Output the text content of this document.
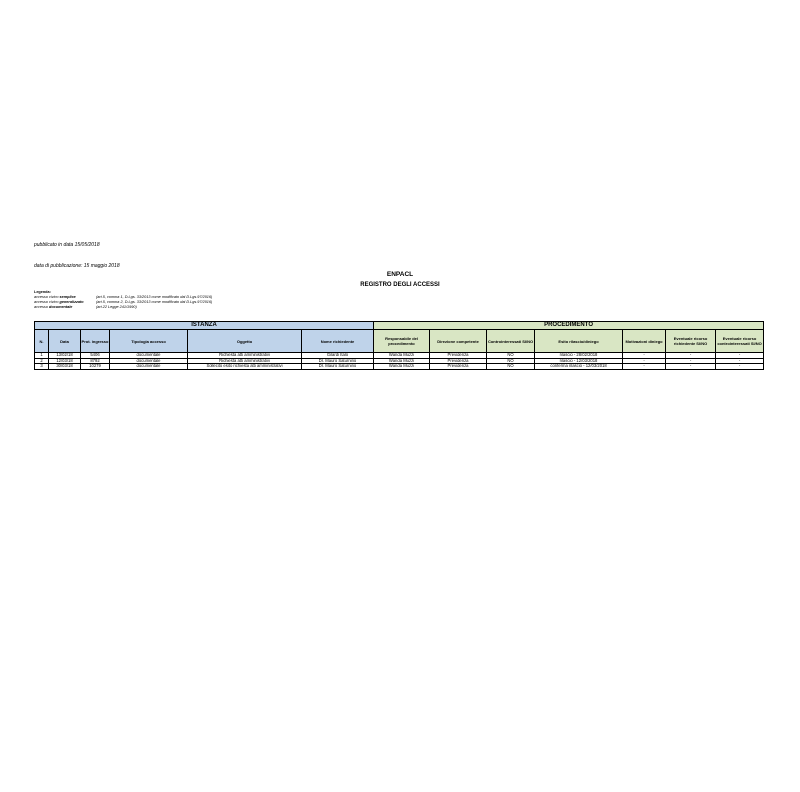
pubblicato in data 15/05/2018
data di pubblicazione: 15 maggio 2018
ENPACL
REGISTRO DEGLI ACCESSI
Legenda:
accesso civico semplice	(art.5, comma 1, D.Lgs. 33/2013 come modificato dal D.Lgs.97/2016)
accesso civico generalizzato	(art.5, comma 2, D.Lgs. 33/2013 come modificato dal D.Lgs.97/2016)
accesso documentale	(art.22 Legge 241/1990)
ISTANZA						PROCEDIMENTO						
N.	Data	Prot. ingresso	Tipologia accesso	Oggetto	Nome richiedente	Responsabile del procedimento	Direzione competente	Controinteressati SI/NO	Esito rilascio/diniego	Motivazioni diniego	Eventuale ricorso richiedente SI/NO	Eventuale ricorso controinteressati SI/NO
1	13/02/18	5406	documentale	Richiesta atti amministrativi	Gilardi Italo	Wanda Muzzi	Previdenza	NO	rilascio - 28/02/2018	-	-	-
2	12/03/18	8792	documentale	Richiesta atti amministrativi	Dr. Mauro Saturnino	Wanda Muzzi	Previdenza	NO	rilascio - 12/03/2018	-	-	-
3	30/03/18	10279	documentale	Sollecito esito richiesta atti amministrativi	Dr. Mauro Saturnino	Wanda Muzzi	Previdenza	NO	conferma rilascio - 12/03/2018	-	-	-
